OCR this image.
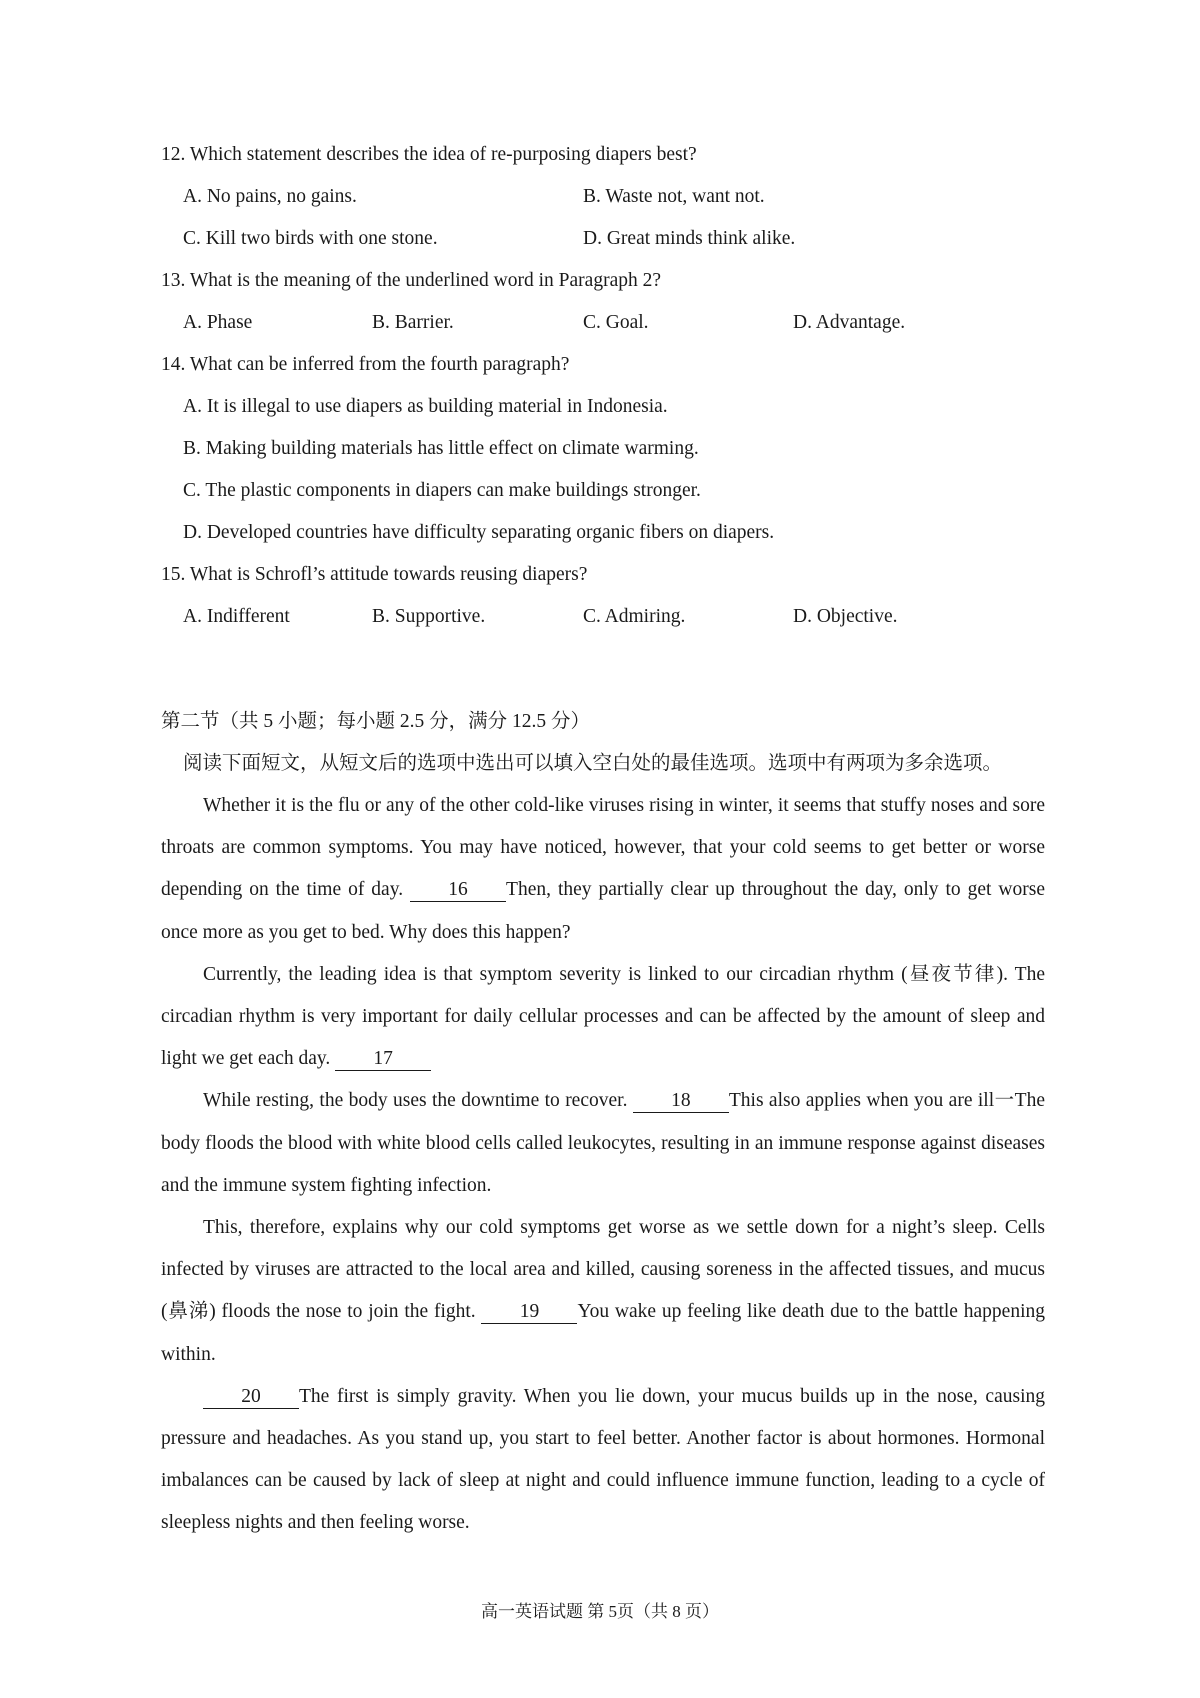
12. Which statement describes the idea of re-purposing diapers best?
A. No pains, no gains.	B. Waste not, want not.
C. Kill two birds with one stone.	D. Great minds think alike.
13. What is the meaning of the underlined word in Paragraph 2?
A. Phase	B. Barrier.	C. Goal.	D. Advantage.
14. What can be inferred from the fourth paragraph?
A. It is illegal to use diapers as building material in Indonesia.
B. Making building materials has little effect on climate warming.
C. The plastic components in diapers can make buildings stronger.
D. Developed countries have difficulty separating organic fibers on diapers.
15. What is Schrofl’s attitude towards reusing diapers?
A. Indifferent	B. Supportive.	C. Admiring.	D. Objective.
第二节（共 5 小题；每小题 2.5 分，满分 12.5 分）
阅读下面短文，从短文后的选项中选出可以填入空白处的最佳选项。选项中有两项为多余选项。

Whether it is the flu or any of the other cold-like viruses rising in winter, it seems that stuffy noses and sore throats are common symptoms. You may have noticed, however, that your cold seems to get better or worse depending on the time of day. 16 Then, they partially clear up throughout the day, only to get worse once more as you get to bed. Why does this happen?

Currently, the leading idea is that symptom severity is linked to our circadian rhythm (昼夜节律). The circadian rhythm is very important for daily cellular processes and can be affected by the amount of sleep and light we get each day. 17

While resting, the body uses the downtime to recover. 18 This also applies when you are ill一The body floods the blood with white blood cells called leukocytes, resulting in an immune response against diseases and the immune system fighting infection.

This, therefore, explains why our cold symptoms get worse as we settle down for a night’s sleep. Cells infected by viruses are attracted to the local area and killed, causing soreness in the affected tissues, and mucus (鼻涕) floods the nose to join the fight. 19 You wake up feeling like death due to the battle happening within.

20 The first is simply gravity. When you lie down, your mucus builds up in the nose, causing pressure and headaches. As you stand up, you start to feel better. Another factor is about hormones. Hormonal imbalances can be caused by lack of sleep at night and could influence immune function, leading to a cycle of sleepless nights and then feeling worse.

高一英语试题 第 5页（共 8 页）
